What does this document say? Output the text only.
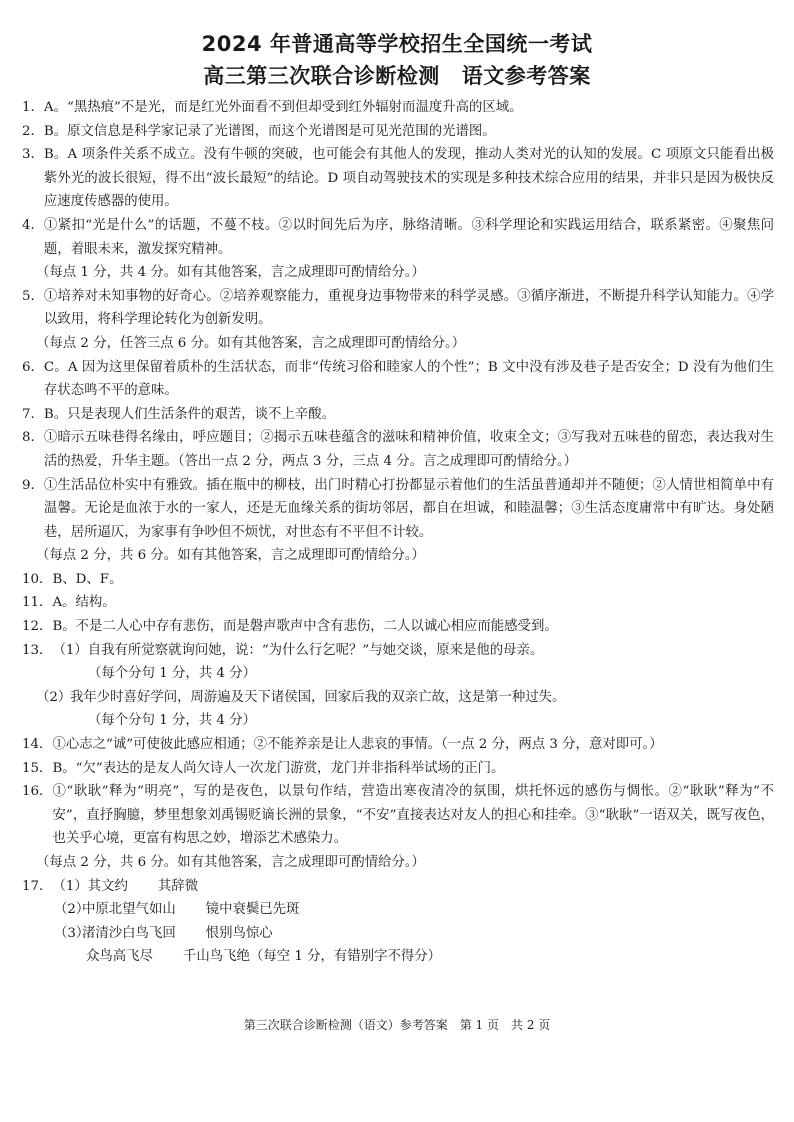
2024 年普通高等学校招生全国统一考试
高三第三次联合诊断检测 语文参考答案
1． A。“黑热痕”不是光，而是红光外面看不到但却受到红外辐射而温度升高的区域。
2． B。原文信息是科学家记录了光谱图，而这个光谱图是可见光范围的光谱图。
3． B。A 项条件关系不成立。没有牛顿的突破，也可能会有其他人的发现，推动人类对光的认知的发展。C 项原文只能看出极紫外光的波长很短，得不出“波长最短”的结论。D 项自动驾驶技术的实现是多种技术综合应用的结果，并非只是因为极快反应速度传感器的使用。
4． ①紧扣“光是什么”的话题，不蔓不枝。②以时间先后为序，脉络清晰。③科学理论和实践运用结合，联系紧密。④聚焦问题，着眼未来，激发探究精神。
（每点 1 分，共 4 分。如有其他答案，言之成理即可酌情给分。）
5． ①培养对未知事物的好奇心。②培养观察能力，重视身边事物带来的科学灵感。③循序渐进，不断提升科学认知能力。④学以致用，将科学理论转化为创新发明。
（每点 2 分，任答三点 6 分。如有其他答案，言之成理即可酌情给分。）
6． C。A 因为这里保留着质朴的生活状态，而非“传统习俗和睦家人的个性”；B 文中没有涉及巷子是否安全；D 没有为他们生存状态鸣不平的意味。
7． B。只是表现人们生活条件的艰苦，谈不上辛酸。
8． ①暗示五味巷得名缘由，呼应题目；②揭示五味巷蕴含的滋味和精神价值，收束全文；③写我对五味巷的留恋，表达我对生活的热爱，升华主题。（答出一点 2 分，两点 3 分，三点 4 分。言之成理即可酌情给分。）
9． ①生活品位朴实中有雅致。插在瓶中的柳枝，出门时精心打扮都显示着他们的生活虽普通却并不随便；②人情世相简单中有温馨。无论是血浓于水的一家人，还是无血缘关系的街坊邻居，都自在坦诚，和睦温馨；③生活态度庸常中有旷达。身处陋巷，居所逼仄，为家事有争吵但不烦忧，对世态有不平但不计较。
（每点 2 分，共 6 分。如有其他答案，言之成理即可酌情给分。）
10． B、D、F。
11． A。结构。
12． B。不是二人心中存有悲伤，而是磐声歌声中含有悲伤，二人以诚心相应而能感受到。
13． （1）自我有所觉察就询问她，说：“为什么行乞呢？”与她交谈，原来是他的母亲。
（每个分句 1 分，共 4 分）
（2）
我年少时喜好学问，周游遍及天下诸侯国，回家后我的双亲亡故，这是第一种过失。
（每个分句 1 分，共 4 分）
14． ①心志之“诚”可使彼此感应相通；②不能养亲是让人悲哀的事情。（一点 2 分，两点 3 分，意对即可。）
15． B。“欠”表达的是友人尚欠诗人一次龙门游赏，龙门并非指科举试场的正门。
16． ①“耿耿”释为“明亮”，写的是夜色，以景句作结，营造出寒夜清冷的氛围，烘托怀远的感伤与惆怅。②“耿耿”释为“不安”，直抒胸臆，梦里想象刘禹锡贬谪长洲的景象，“不安”直接表达对友人的担心和挂牵。③“耿耿”一语双关，既写夜色，也关乎心境，更富有构思之妙，增添艺术感染力。
（每点 2 分，共 6 分。如有其他答案，言之成理即可酌情给分。）
17． （1）其文约 其辞微
（2）
中原北望气如山 镜中衰鬓已先斑
（3）
渚清沙白鸟飞回 恨别鸟惊心
众鸟高飞尽 千山鸟飞绝（每空 1 分，有错别字不得分）
第三次联合诊断检测（语文）参考答案　第 1 页　共 2 页
